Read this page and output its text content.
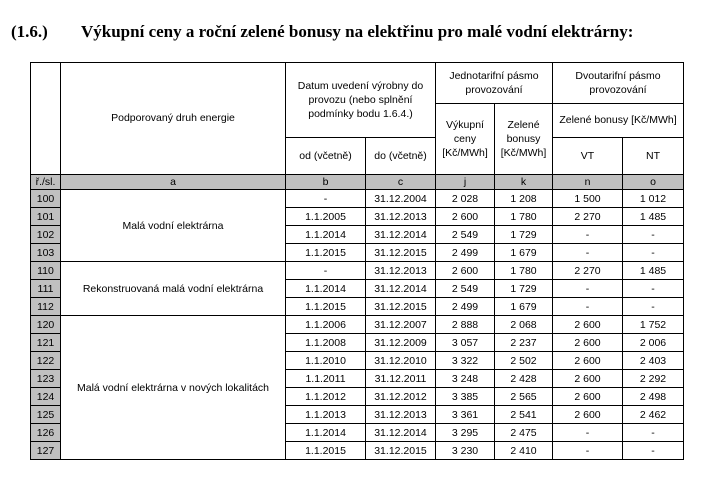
(1.6.) Výkupní ceny a roční zelené bonusy na elektřinu pro malé vodní elektrárny:
	Podporovaný druh energie	Datum uvedení výrobny do provozu (nebo splnění podmínky bodu 1.6.4.)		Jednotarifní pásmo provozování		Dvoutarifní pásmo provozování	
				Výkupní ceny [Kč/MWh]	Zelené bonusy [Kč/MWh]	Zelené bonusy [Kč/MWh]	
		od (včetně)	do (včetně)			VT	NT
ř./sl.	a	b	c	j	k	n	o
100	Malá vodní elektrárna	-	31.12.2004	2 028	1 208	1 500	1 012
101		1.1.2005	31.12.2013	2 600	1 780	2 270	1 485
102		1.1.2014	31.12.2014	2 549	1 729	-	-
103		1.1.2015	31.12.2015	2 499	1 679	-	-
110	Rekonstruovaná malá vodní elektrárna	-	31.12.2013	2 600	1 780	2 270	1 485
111		1.1.2014	31.12.2014	2 549	1 729	-	-
112		1.1.2015	31.12.2015	2 499	1 679	-	-
120	Malá vodní elektrárna v nových lokalitách	1.1.2006	31.12.2007	2 888	2 068	2 600	1 752
121		1.1.2008	31.12.2009	3 057	2 237	2 600	2 006
122		1.1.2010	31.12.2010	3 322	2 502	2 600	2 403
123		1.1.2011	31.12.2011	3 248	2 428	2 600	2 292
124		1.1.2012	31.12.2012	3 385	2 565	2 600	2 498
125		1.1.2013	31.12.2013	3 361	2 541	2 600	2 462
126		1.1.2014	31.12.2014	3 295	2 475	-	-
127		1.1.2015	31.12.2015	3 230	2 410	-	-
